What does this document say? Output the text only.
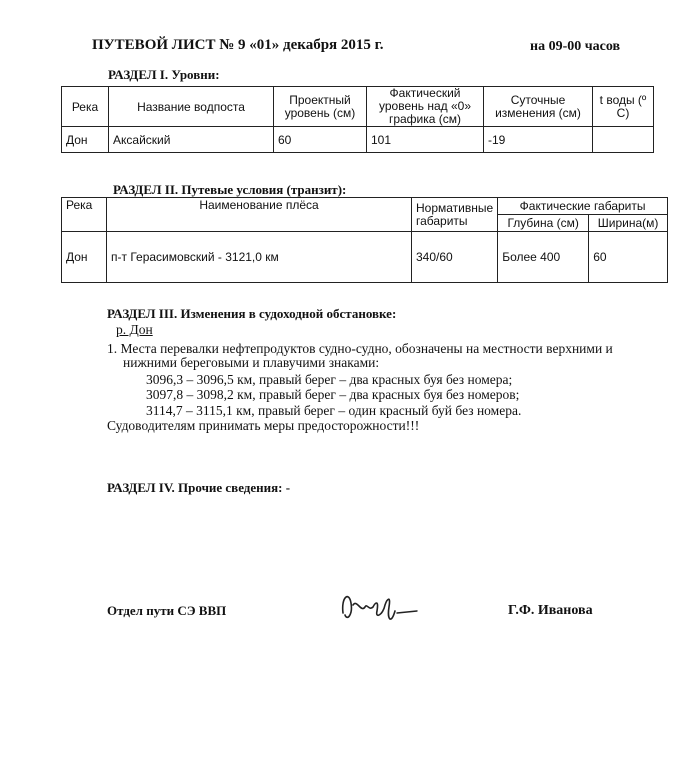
ПУТЕВОЙ ЛИСТ № 9 «01» декабря 2015 г.	на 09-00 часов
РАЗДЕЛ I. Уровни:
Река	Название водпоста	Проектный уровень (см)	Фактический уровень над «0» графика (см)	Суточные изменения (см)	t воды (º С)
Дон	Аксайский	60	101	-19	
РАЗДЕЛ II. Путевые условия (транзит):
Река	Наименование плёса	Нормативные габариты	Фактические габариты	
			Глубина (см)	Ширина(м)
Дон	п-т Герасимовский - 3121,0 км	340/60	Более 400	60
РАЗДЕЛ III. Изменения в судоходной обстановке:
р. Дон
1. Места перевалки нефтепродуктов судно-судно, обозначены на местности верхними и
нижними береговыми и плавучими знаками:
3096,3 – 3096,5 км, правый берег – два красных буя без номера;
3097,8 – 3098,2 км, правый берег – два красных буя без номеров;
3114,7 – 3115,1 км, правый берег – один красный буй без номера.
Судоводителям принимать меры предосторожности!!!
РАЗДЕЛ IV. Прочие сведения: -
Отдел пути СЭ ВВП	Г.Ф. Иванова
